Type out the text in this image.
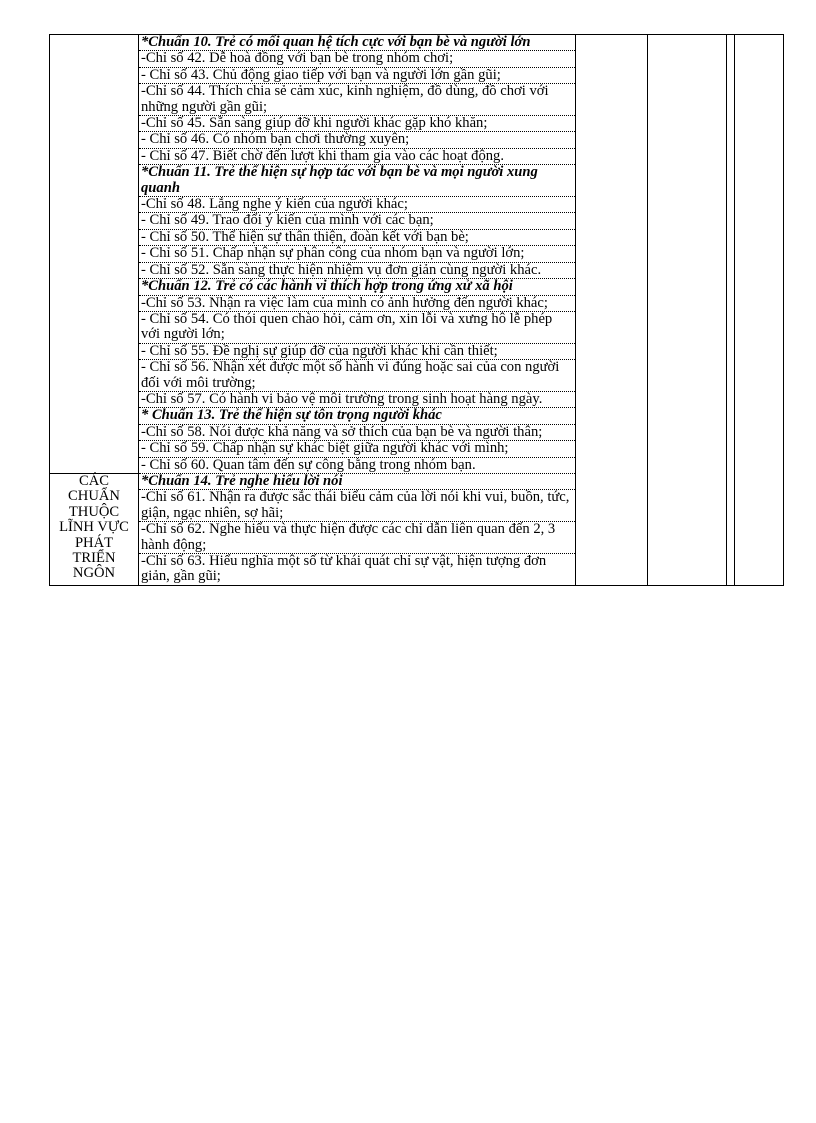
	*Chuẩn 10. Trẻ có mối quan hệ tích cực với bạn bè và người lớn				
	-Chỉ số 42. Dễ hoà đồng với bạn bè trong nhóm chơi;				
	- Chỉ số 43. Chủ động giao tiếp với bạn và người lớn gần gũi;				
	-Chỉ số 44. Thích chia sẻ cảm xúc, kinh nghiệm, đồ dùng, đồ chơi với những người gần gũi;				
	-Chỉ số 45. Sẵn sàng giúp đỡ khi người khác gặp khó khăn;				
	- Chỉ số 46. Có nhóm bạn chơi thường xuyên;				
	- Chỉ số 47. Biết chờ đến lượt khi tham gia vào các hoạt động.				
	*Chuẩn 11. Trẻ thể hiện sự hợp tác với bạn bè và mọi người xung quanh				
	-Chỉ số 48. Lắng nghe ý kiến của người khác;				
	- Chỉ số 49. Trao đổi ý kiến của mình với các bạn;				
	- Chỉ số 50. Thể hiện sự thân thiện, đoàn kết với bạn bè;				
	- Chỉ số 51. Chấp nhận sự phân công của nhóm bạn và người lớn;				
	- Chỉ số 52. Sẵn sàng thực hiện nhiệm vụ đơn giản cùng người khác.				
	*Chuẩn 12. Trẻ có các hành vi thích hợp trong ứng xử xã hội				
	-Chỉ số 53. Nhận ra việc làm của mình có ảnh hưởng đến người khác;				
	- Chỉ số 54. Có thói quen chào hỏi, cảm ơn, xin lỗi và xưng hô lễ phép với người lớn;				
	- Chỉ số 55. Đề nghị sự giúp đỡ của người khác khi cần thiết;				
	- Chỉ số 56. Nhận xét được một số hành vi đúng hoặc sai của con người đối với môi trường;				
	-Chỉ số 57. Có hành vi bảo vệ môi trường trong sinh hoạt hàng ngày.				
	* Chuẩn 13. Trẻ thể hiện sự tôn trọng người khác				
	-Chỉ số 58. Nói được khả năng và sở thích của bạn bè và người thân;				
	- Chỉ số 59. Chấp nhận sự khác biệt giữa người khác với mình;				
	- Chỉ số 60. Quan tâm đến sự công bằng trong nhóm bạn.				
CÁC CHUẨN THUỘC LĨNH VỰC PHÁT TRIỂN NGÔN	*Chuẩn 14. Trẻ nghe hiểu lời nói				
	-Chỉ số 61. Nhận ra được sắc thái biểu cảm của lời nói khi vui, buồn, tức, giận, ngạc nhiên, sợ hãi;				
	-Chỉ số 62. Nghe hiểu và thực hiện được các chỉ dẫn liên quan đến 2, 3 hành động;				
	-Chỉ số 63. Hiểu nghĩa một số từ khái quát chỉ sự vật, hiện tượng đơn giản, gần gũi;				
